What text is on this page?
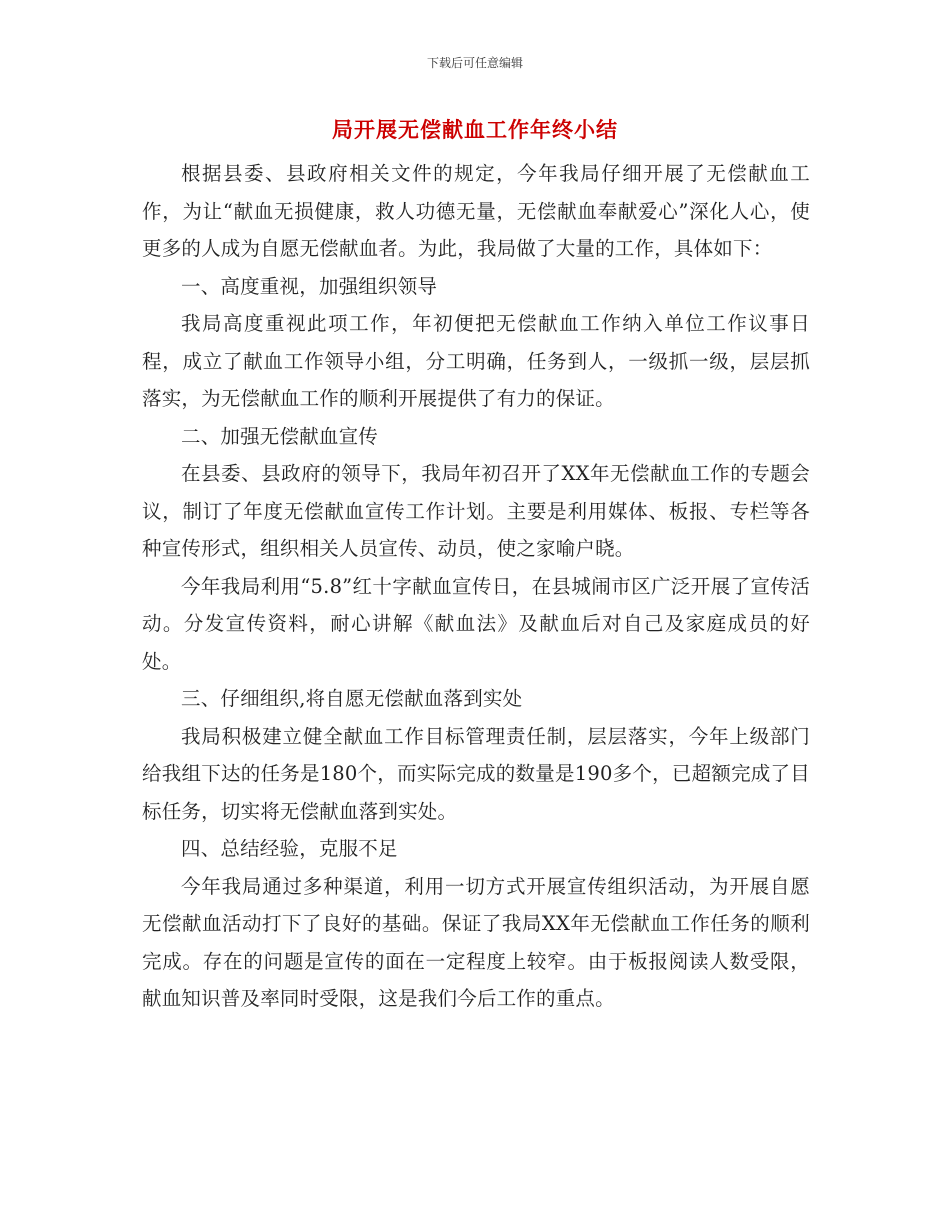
下载后可任意编辑
局开展无偿献血工作年终小结

根据县委、县政府相关文件的规定，今年我局仔细开展了无偿献血工作，为让“献血无损健康，救人功德无量，无偿献血奉献爱心”深化人心，使更多的人成为自愿无偿献血者。为此，我局做了大量的工作，具体如下：

一、高度重视，加强组织领导

我局高度重视此项工作，年初便把无偿献血工作纳入单位工作议事日程，成立了献血工作领导小组，分工明确，任务到人，一级抓一级，层层抓落实，为无偿献血工作的顺利开展提供了有力的保证。

二、加强无偿献血宣传

在县委、县政府的领导下，我局年初召开了XX年无偿献血工作的专题会议，制订了年度无偿献血宣传工作计划。主要是利用媒体、板报、专栏等各种宣传形式，组织相关人员宣传、动员，使之家喻户晓。

今年我局利用“5.8”红十字献血宣传日，在县城闹市区广泛开展了宣传活动。分发宣传资料，耐心讲解《献血法》及献血后对自己及家庭成员的好处。

三、仔细组织,将自愿无偿献血落到实处

我局积极建立健全献血工作目标管理责任制，层层落实，今年上级部门给我组下达的任务是180个，而实际完成的数量是190多个，已超额完成了目标任务，切实将无偿献血落到实处。

四、总结经验，克服不足

今年我局通过多种渠道，利用一切方式开展宣传组织活动，为开展自愿无偿献血活动打下了良好的基础。保证了我局XX年无偿献血工作任务的顺利完成。存在的问题是宣传的面在一定程度上较窄。由于板报阅读人数受限，献血知识普及率同时受限，这是我们今后工作的重点。
